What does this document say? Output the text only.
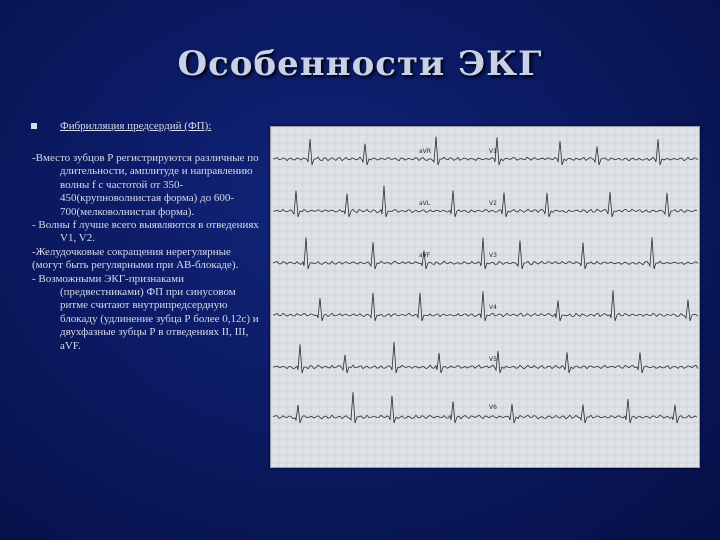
Особенности ЭКГ
Фибрилляция предсердий (ФП):

-Вместо зубцов Р регистрируются различные по длительности, амплитуде и направлению волны f с частотой от 350-450(крупноволнистая форма) до 600-700(мелковолнистая форма).

- Волны f лучше всего выявляются в отведениях V1, V2.

-Желудочковые сокращения нерегулярные

(могут быть регулярными при АВ-блокаде).

- Возможными ЭКГ-признаками (предвестниками) ФП при синусовом ритме считают внутрипредсердную блокаду (удлинение зубца Р более 0,12с) и двухфазные зубцы Р в отведениях II, III, aVF.

aVR	V1
aVL	V2
aVF	V3
V4
V5
V6
